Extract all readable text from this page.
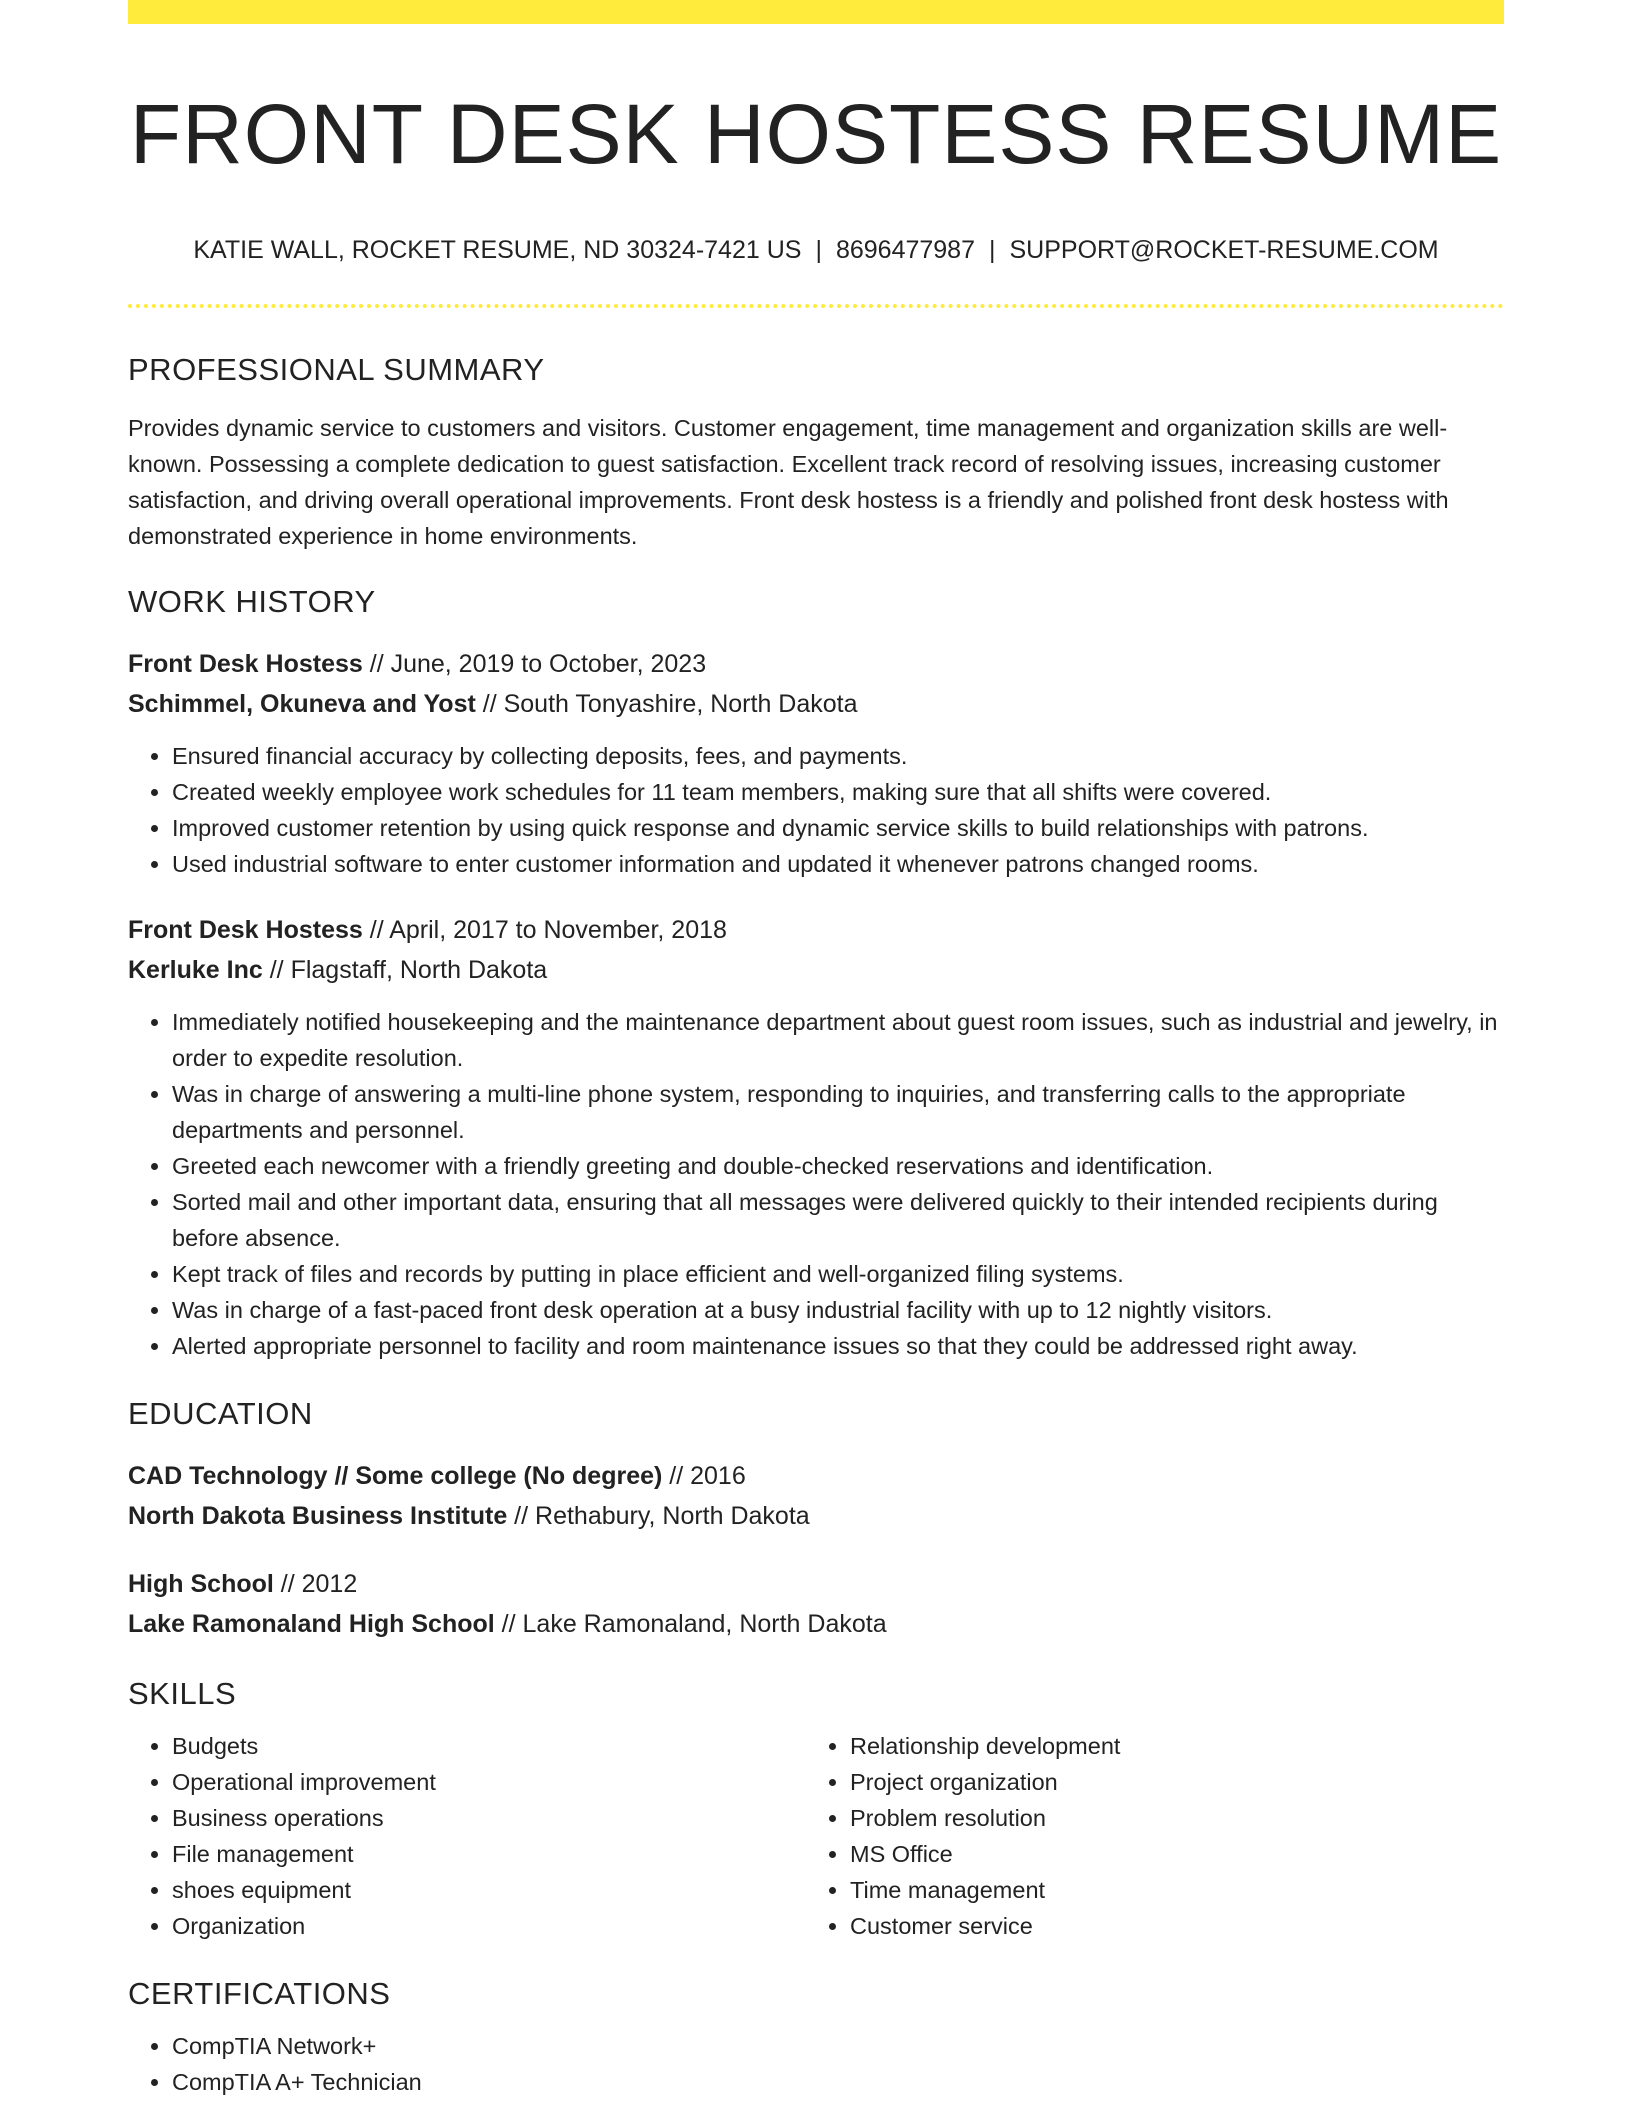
FRONT DESK HOSTESS RESUME
KATIE WALL, ROCKET RESUME, ND 30324-7421 US | 8696477987 | SUPPORT@ROCKET-RESUME.COM
PROFESSIONAL SUMMARY

Provides dynamic service to customers and visitors. Customer engagement, time management and organization skills are well-known. Possessing a complete dedication to guest satisfaction. Excellent track record of resolving issues, increasing customer satisfaction, and driving overall operational improvements. Front desk hostess is a friendly and polished front desk hostess with demonstrated experience in home environments.

WORK HISTORY

Front Desk Hostess // June, 2019 to October, 2023

Schimmel, Okuneva and Yost // South Tonyashire, North Dakota

• Ensured financial accuracy by collecting deposits, fees, and payments.
• Created weekly employee work schedules for 11 team members, making sure that all shifts were covered.
• Improved customer retention by using quick response and dynamic service skills to build relationships with patrons.
• Used industrial software to enter customer information and updated it whenever patrons changed rooms.

Front Desk Hostess // April, 2017 to November, 2018

Kerluke Inc // Flagstaff, North Dakota

• Immediately notified housekeeping and the maintenance department about guest room issues, such as industrial and jewelry, in order to expedite resolution.
• Was in charge of answering a multi-line phone system, responding to inquiries, and transferring calls to the appropriate departments and personnel.
• Greeted each newcomer with a friendly greeting and double-checked reservations and identification.
• Sorted mail and other important data, ensuring that all messages were delivered quickly to their intended recipients during before absence.
• Kept track of files and records by putting in place efficient and well-organized filing systems.
• Was in charge of a fast-paced front desk operation at a busy industrial facility with up to 12 nightly visitors.
• Alerted appropriate personnel to facility and room maintenance issues so that they could be addressed right away.
EDUCATION

CAD Technology // Some college (No degree) // 2016

North Dakota Business Institute // Rethabury, North Dakota

High School // 2012

Lake Ramonaland High School // Lake Ramonaland, North Dakota

SKILLS
• Budgets
• Operational improvement
• Business operations
• File management
• shoes equipment
• Organization
• Relationship development
• Project organization
• Problem resolution
• MS Office
• Time management
• Customer service
CERTIFICATIONS
• CompTIA Network+
• CompTIA A+ Technician
